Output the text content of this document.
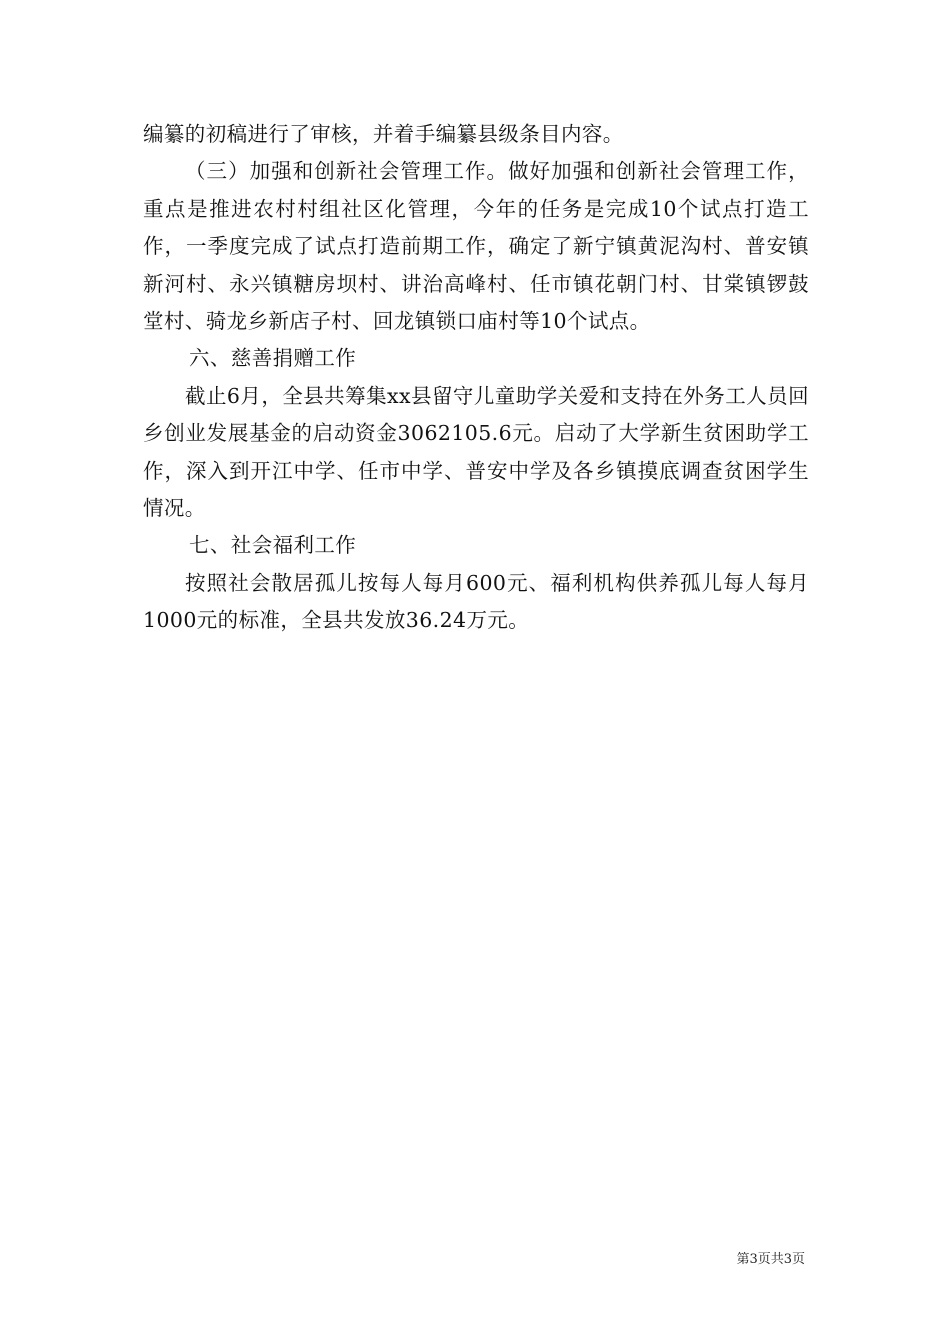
编纂的初稿进行了审核，并着手编纂县级条目内容。

（三）加强和创新社会管理工作。做好加强和创新社会管理工作，重点是推进农村村组社区化管理，今年的任务是完成10个试点打造工作，一季度完成了试点打造前期工作，确定了新宁镇黄泥沟村、普安镇新河村、永兴镇糖房坝村、讲治高峰村、任市镇花朝门村、甘棠镇锣鼓堂村、骑龙乡新店子村、回龙镇锁口庙村等10个试点。

六、慈善捐赠工作

截止6月，全县共筹集xx县留守儿童助学关爱和支持在外务工人员回乡创业发展基金的启动资金3062105.6元。启动了大学新生贫困助学工作，深入到开江中学、任市中学、普安中学及各乡镇摸底调查贫困学生情况。

七、社会福利工作

按照社会散居孤儿按每人每月600元、福利机构供养孤儿每人每月1000元的标准，全县共发放36.24万元。

第3页共3页
